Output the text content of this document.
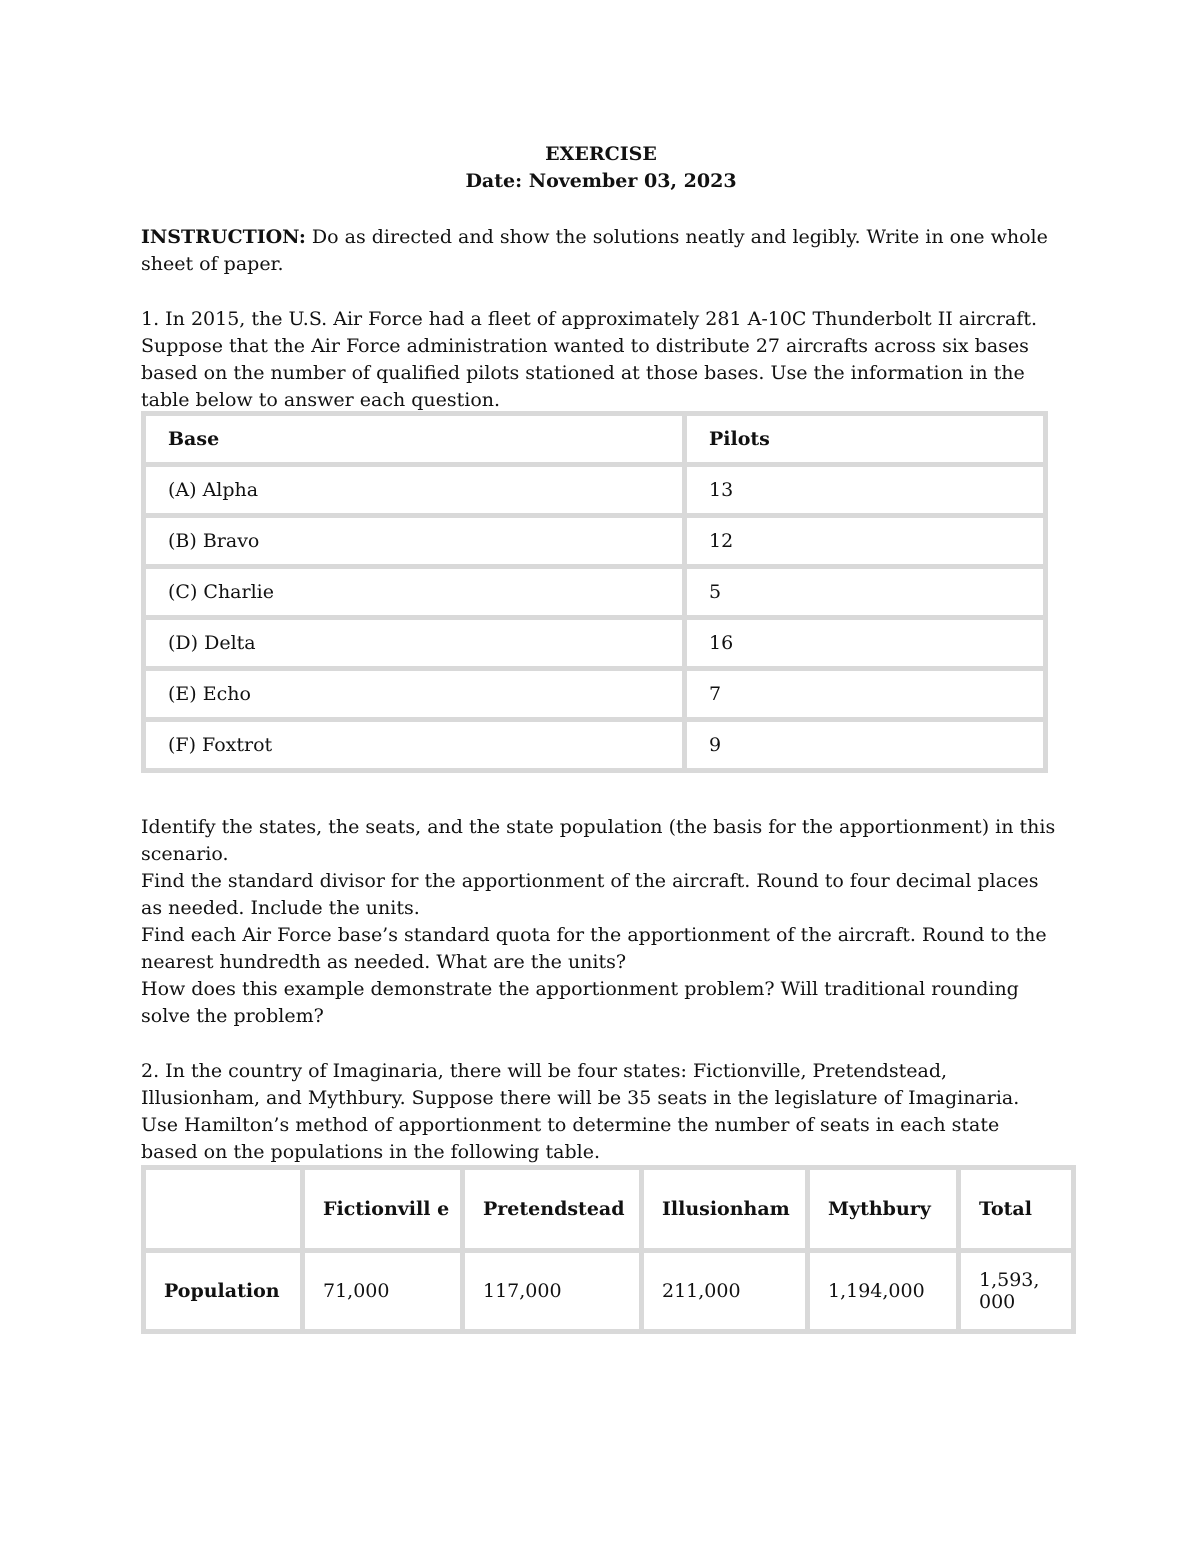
EXERCISE
Date: November 03, 2023

INSTRUCTION: Do as directed and show the solutions neatly and legibly. Write in one whole sheet of paper.

1. In 2015, the U.S. Air Force had a fleet of approximately 281 A-10C Thunderbolt II aircraft. Suppose that the Air Force administration wanted to distribute 27 aircrafts across six bases based on the number of qualified pilots stationed at those bases. Use the information in the table below to answer each question.

Identify the states, the seats, and the state population (the basis for the apportionment) in this scenario.

Find the standard divisor for the apportionment of the aircraft. Round to four decimal places as needed. Include the units.

Find each Air Force base’s standard quota for the apportionment of the aircraft. Round to the nearest hundredth as needed. What are the units?

How does this example demonstrate the apportionment problem? Will traditional rounding solve the problem?

2. In the country of Imaginaria, there will be four states: Fictionville, Pretendstead, Illusionham, and Mythbury. Suppose there will be 35 seats in the legislature of Imaginaria. Use Hamilton’s method of apportionment to determine the number of seats in each state based on the populations in the following table.

Base	Pilots
(A) Alpha	13
(B) Bravo	12
(C) Charlie	5
(D) Delta	16
(E) Echo	7
(F) Foxtrot	9
	Fictionvill e	Pretendstead	Illusionham	Mythbury	Total
Population	71,000	117,000	211,000	1,194,000	1,593, 000
